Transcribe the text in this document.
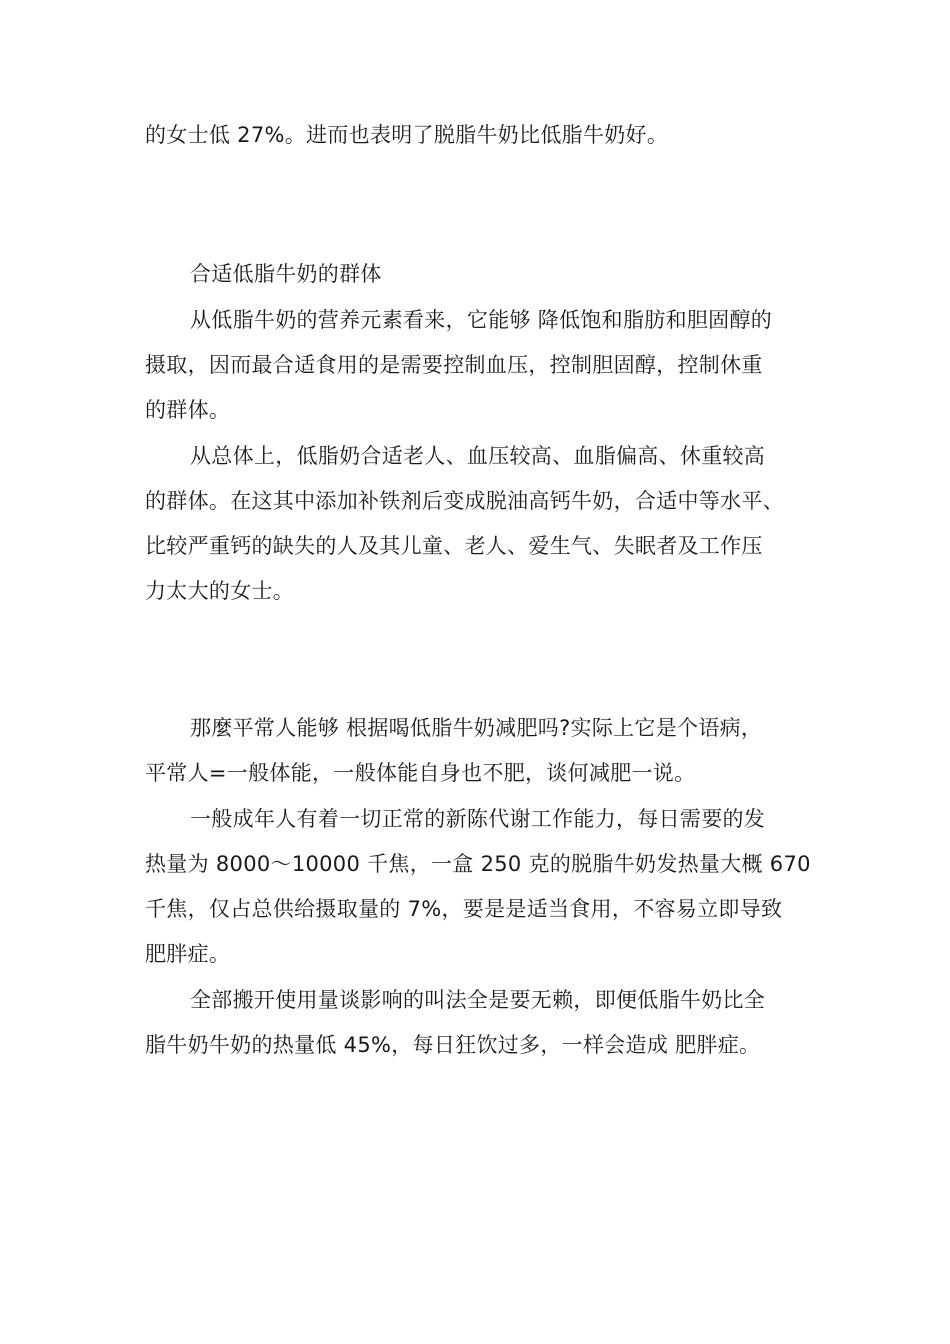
的女士低 27%。进而也表明了脱脂牛奶比低脂牛奶好。
合适低脂牛奶的群体
从低脂牛奶的营养元素看来，它能够 降低饱和脂肪和胆固醇的
摄取，因而最合适食用的是需要控制血压，控制胆固醇，控制休重
的群体。
从总体上，低脂奶合适老人、血压较高、血脂偏高、休重较高
的群体。在这其中添加补铁剂后变成脱油高钙牛奶，合适中等水平、
比较严重钙的缺失的人及其儿童、老人、爱生气、失眠者及工作压
力太大的女士。
那麼平常人能够 根据喝低脂牛奶减肥吗?实际上它是个语病，
平常人=一般体能，一般体能自身也不肥，谈何减肥一说。
一般成年人有着一切正常的新陈代谢工作能力，每日需要的发
热量为 8000～10000 千焦，一盒 250 克的脱脂牛奶发热量大概 670
千焦，仅占总供给摄取量的 7%，要是是适当食用，不容易立即导致
肥胖症。
全部搬开使用量谈影响的叫法全是要无赖，即便低脂牛奶比全
脂牛奶牛奶的热量低 45%，每日狂饮过多，一样会造成 肥胖症。
